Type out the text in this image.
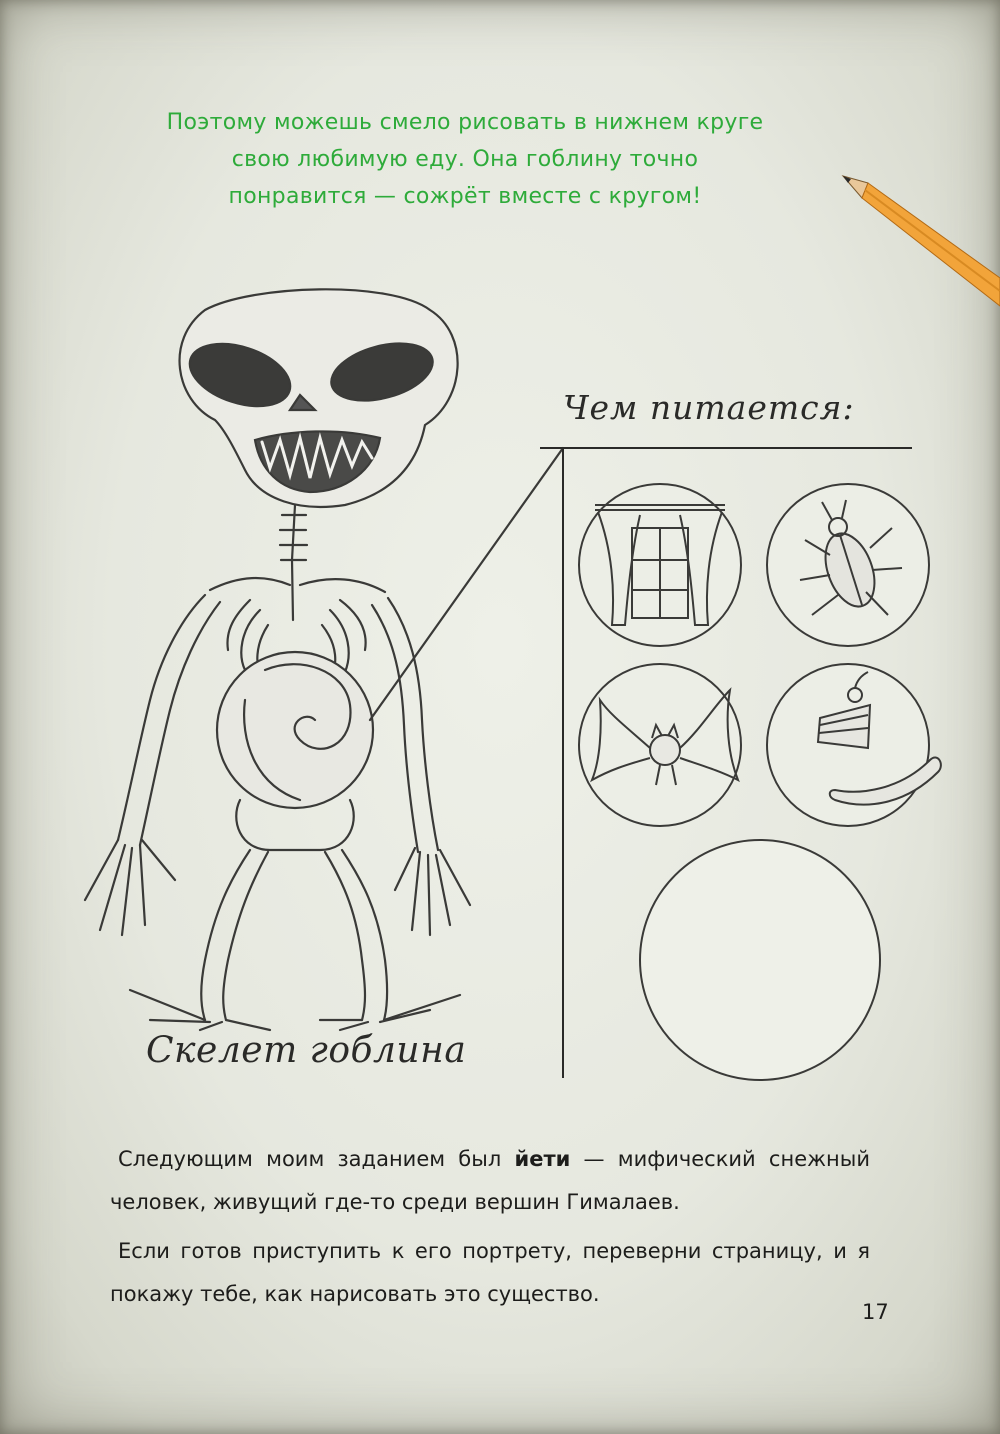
Поэтому можешь смело рисовать в нижнем круге
свою любимую еду. Она гоблину точно
понравится — сожрёт вместе с кругом!
Чем питается:
Скелет гоблина

Следующим моим заданием был йети — мифический снежный человек, живущий где-то среди вершин Гималаев.

Если готов приступить к его портрету, переверни страницу, и я покажу тебе, как нарисовать это существо.

17
